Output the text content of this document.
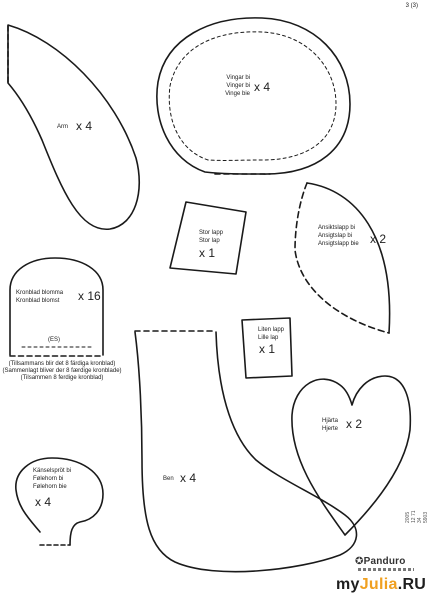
3 (3)
Arm x 4
Vingar bi
Vinger bi
Vinge bie x 4
Stor lapp
Stor lap
x 1
Ansiktslapp bi
Ansigtslap bi
Ansigtslapp bie x 2
Kronblad blomma
Kronblad blomst x 16
(ES)
(Tillsammans blir det 8 färdiga kronblad)
(Sammenlagt bliver der 8 færdige kronblade)
(Tilsammen 8 ferdige kronblad)
Liten lapp
Lille lap
x 1
Hjärta
Hjerte x 2
Känselspröt bi
Følehorn bi
Følehorn bie
x 4
Ben x 4
2005 12 71 34 5903
✪Panduro
myJulia.RU
